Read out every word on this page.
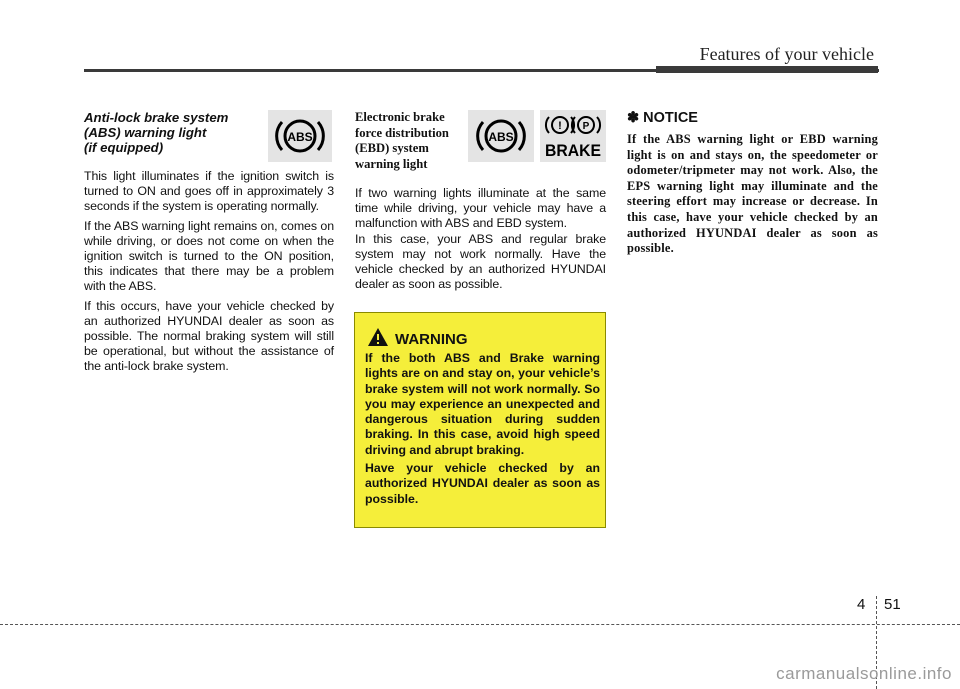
Features of your vehicle
Anti-lock brake system
(ABS) warning light
(if equipped)

This light illuminates if the ignition switch is turned to ON and goes off in approximately 3 seconds if the system is operating normally.

If the ABS warning light remains on, comes on while driving, or does not come on when the ignition switch is turned to the ON position, this indicates that there may be a problem with the ABS.

If this occurs, have your vehicle checked by an authorized HYUNDAI dealer as soon as possible. The normal braking system will still be operational, but without the assistance of the anti-lock brake system.

ABS
Electronic brake
force distribution
(EBD) system
warning light

If two warning lights illuminate at the same time while driving, your vehicle may have a malfunction with ABS and EBD system.

In this case, your ABS and regular brake system may not work normally. Have the vehicle checked by an authorized HYUNDAI dealer as soon as possible.

ABS
! P
BRAKE
WARNING

If the both ABS and Brake warning lights are on and stay on, your vehicle’s brake system will not work normally. So you may experience an unexpected and dangerous situation during sudden braking. In this case, avoid high speed driving and abrupt braking.

Have your vehicle checked by an authorized HYUNDAI dealer as soon as possible.

✽ NOTICE
If the ABS warning light or EBD warning light is on and stays on, the speedometer or odometer/tripmeter may not work. Also, the EPS warning light may illuminate and the steering effort may increase or decrease. In this case, have your vehicle checked by an authorized HYUNDAI dealer as soon as possible.
4 51
carmanualsonline.info
